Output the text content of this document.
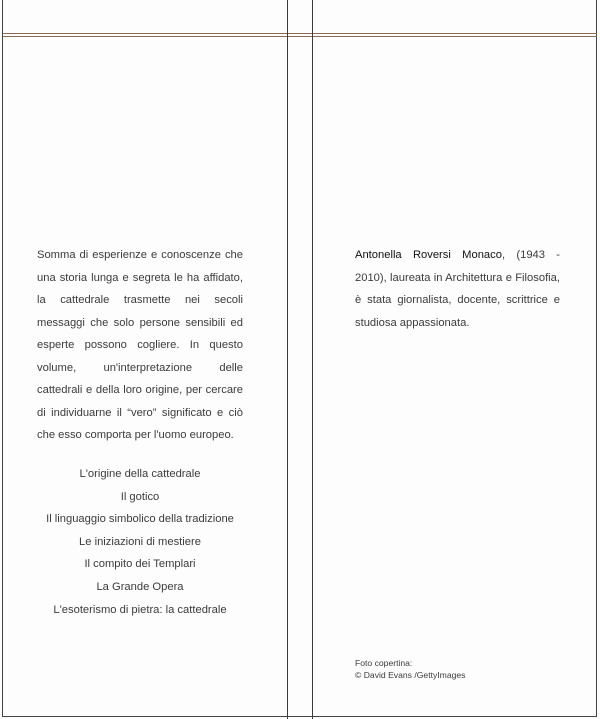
Somma di esperienze e conoscenze che una storia lunga e segreta le ha affidato, la cattedrale trasmette nei secoli messaggi che solo persone sensibili ed esperte possono cogliere. In questo volume, un'interpretazione delle cattedrali e della loro origine, per cercare di individuarne il “vero” significato e ciò che esso comporta per l'uomo europeo.

L'origine della cattedrale
Il gotico
Il linguaggio simbolico della tradizione
Le iniziazioni di mestiere
Il compito dei Templari
La Grande Opera
L'esoterismo di pietra: la cattedrale
Antonella Roversi Monaco, (1943 - 2010), laureata in Architettura e Filosofia, è stata giornalista, docente, scrittrice e studiosa appassionata.
Foto copertina:
© David Evans /GettyImages
